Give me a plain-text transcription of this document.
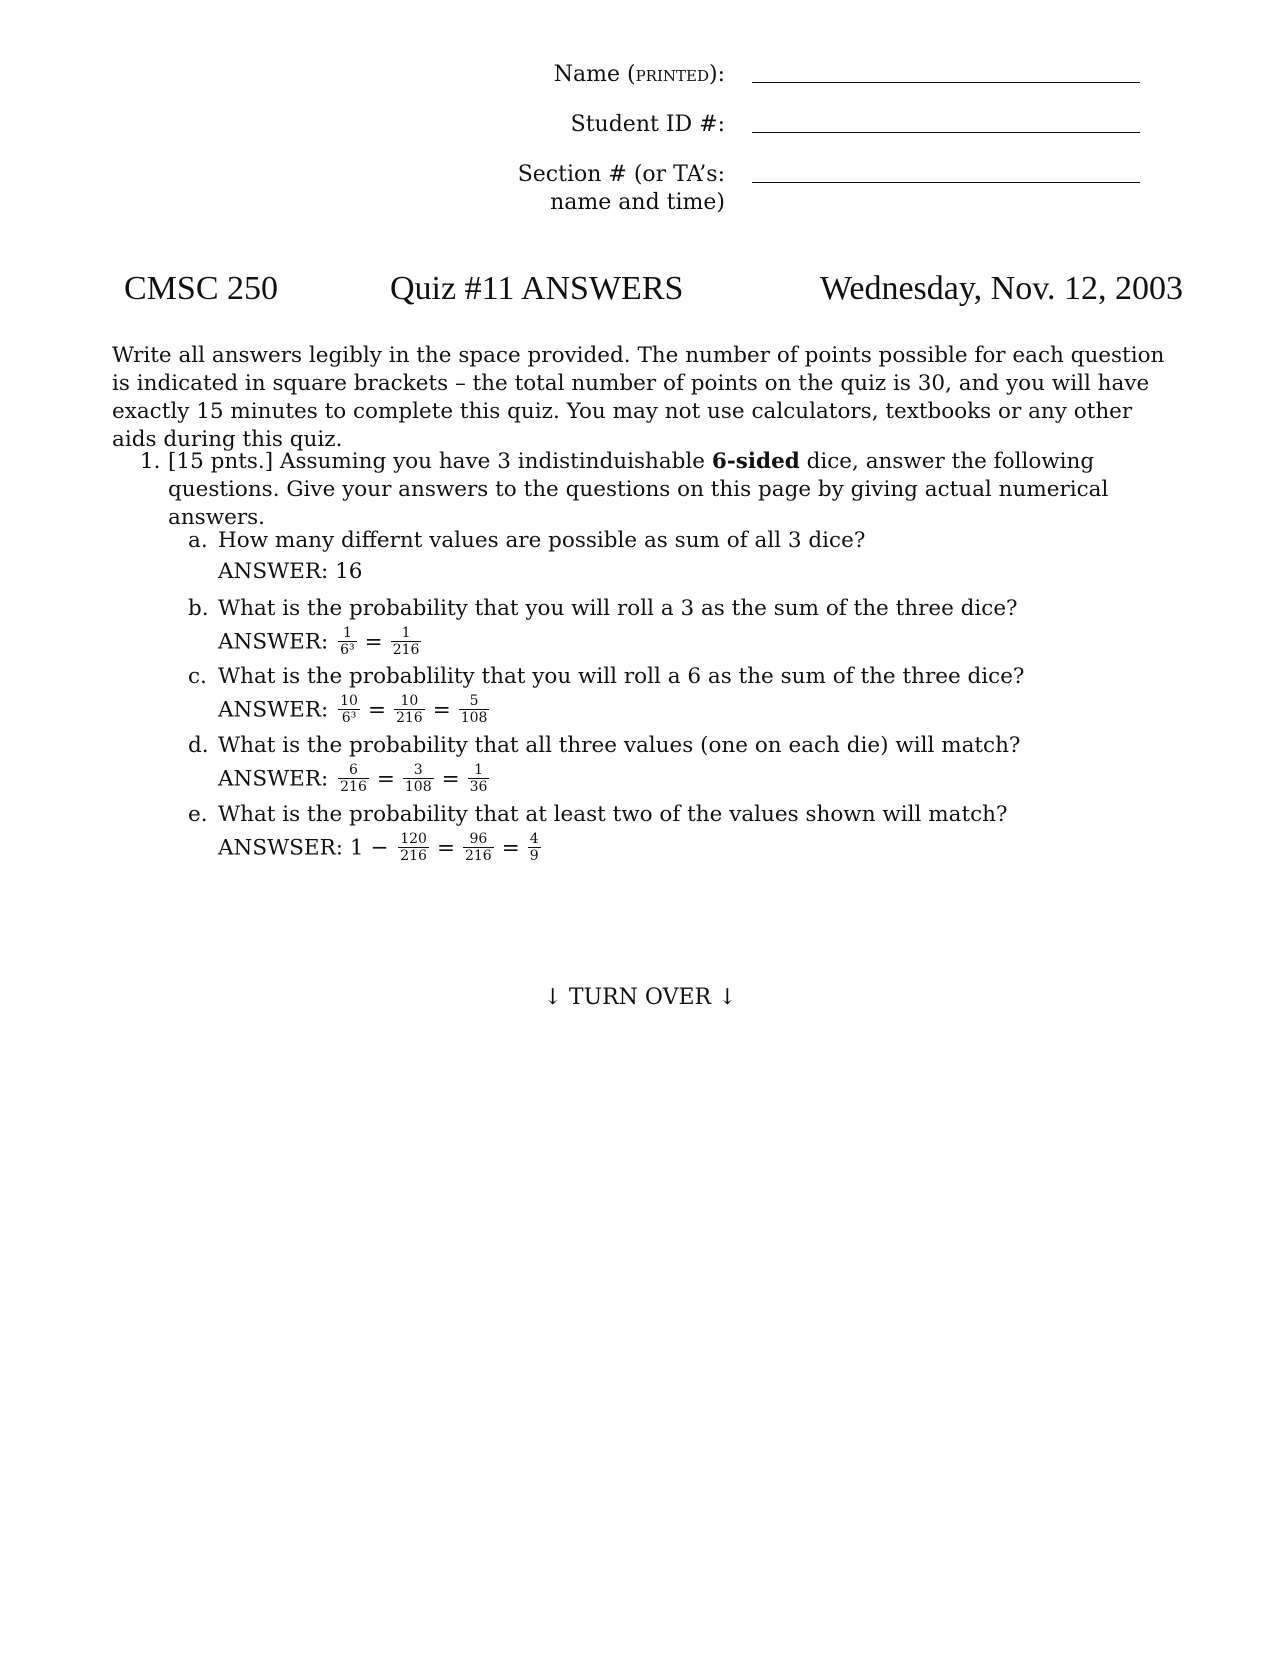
Name (printed):
Student ID #:
Section # (or TA’s:
name and time)
CMSC 250	Quiz #11 ANSWERS	Wednesday, Nov. 12, 2003
Write all answers legibly in the space provided. The number of points possible for each question is indicated in square brackets – the total number of points on the quiz is 30, and you will have exactly 15 minutes to complete this quiz. You may not use calculators, textbooks or any other aids during this quiz.
1. [15 pnts.] Assuming you have 3 indistinduishable 6-sided dice, answer the following questions. Give your answers to the questions on this page by giving actual numerical answers.
a. How many differnt values are possible as sum of all 3 dice?
ANSWER: 16
b. What is the probability that you will roll a 3 as the sum of the three dice?
ANSWER: $\frac{1}{\text{6³}} = \frac{1}{216}$
c. What is the probablility that you will roll a 6 as the sum of the three dice?
ANSWER: $\frac{10}{\text{6³}} = \frac{10}{216} = \frac{5}{108}$
d. What is the probability that all three values (one on each die) will match?
ANSWER: $\frac{6}{216} = \frac{3}{108} = \frac{1}{36}$
e. What is the probability that at least two of the values shown will match?
ANSWSER: $1 - \frac{120}{216} = \frac{96}{216} = \frac{4}{9}$
↓ TURN OVER ↓
